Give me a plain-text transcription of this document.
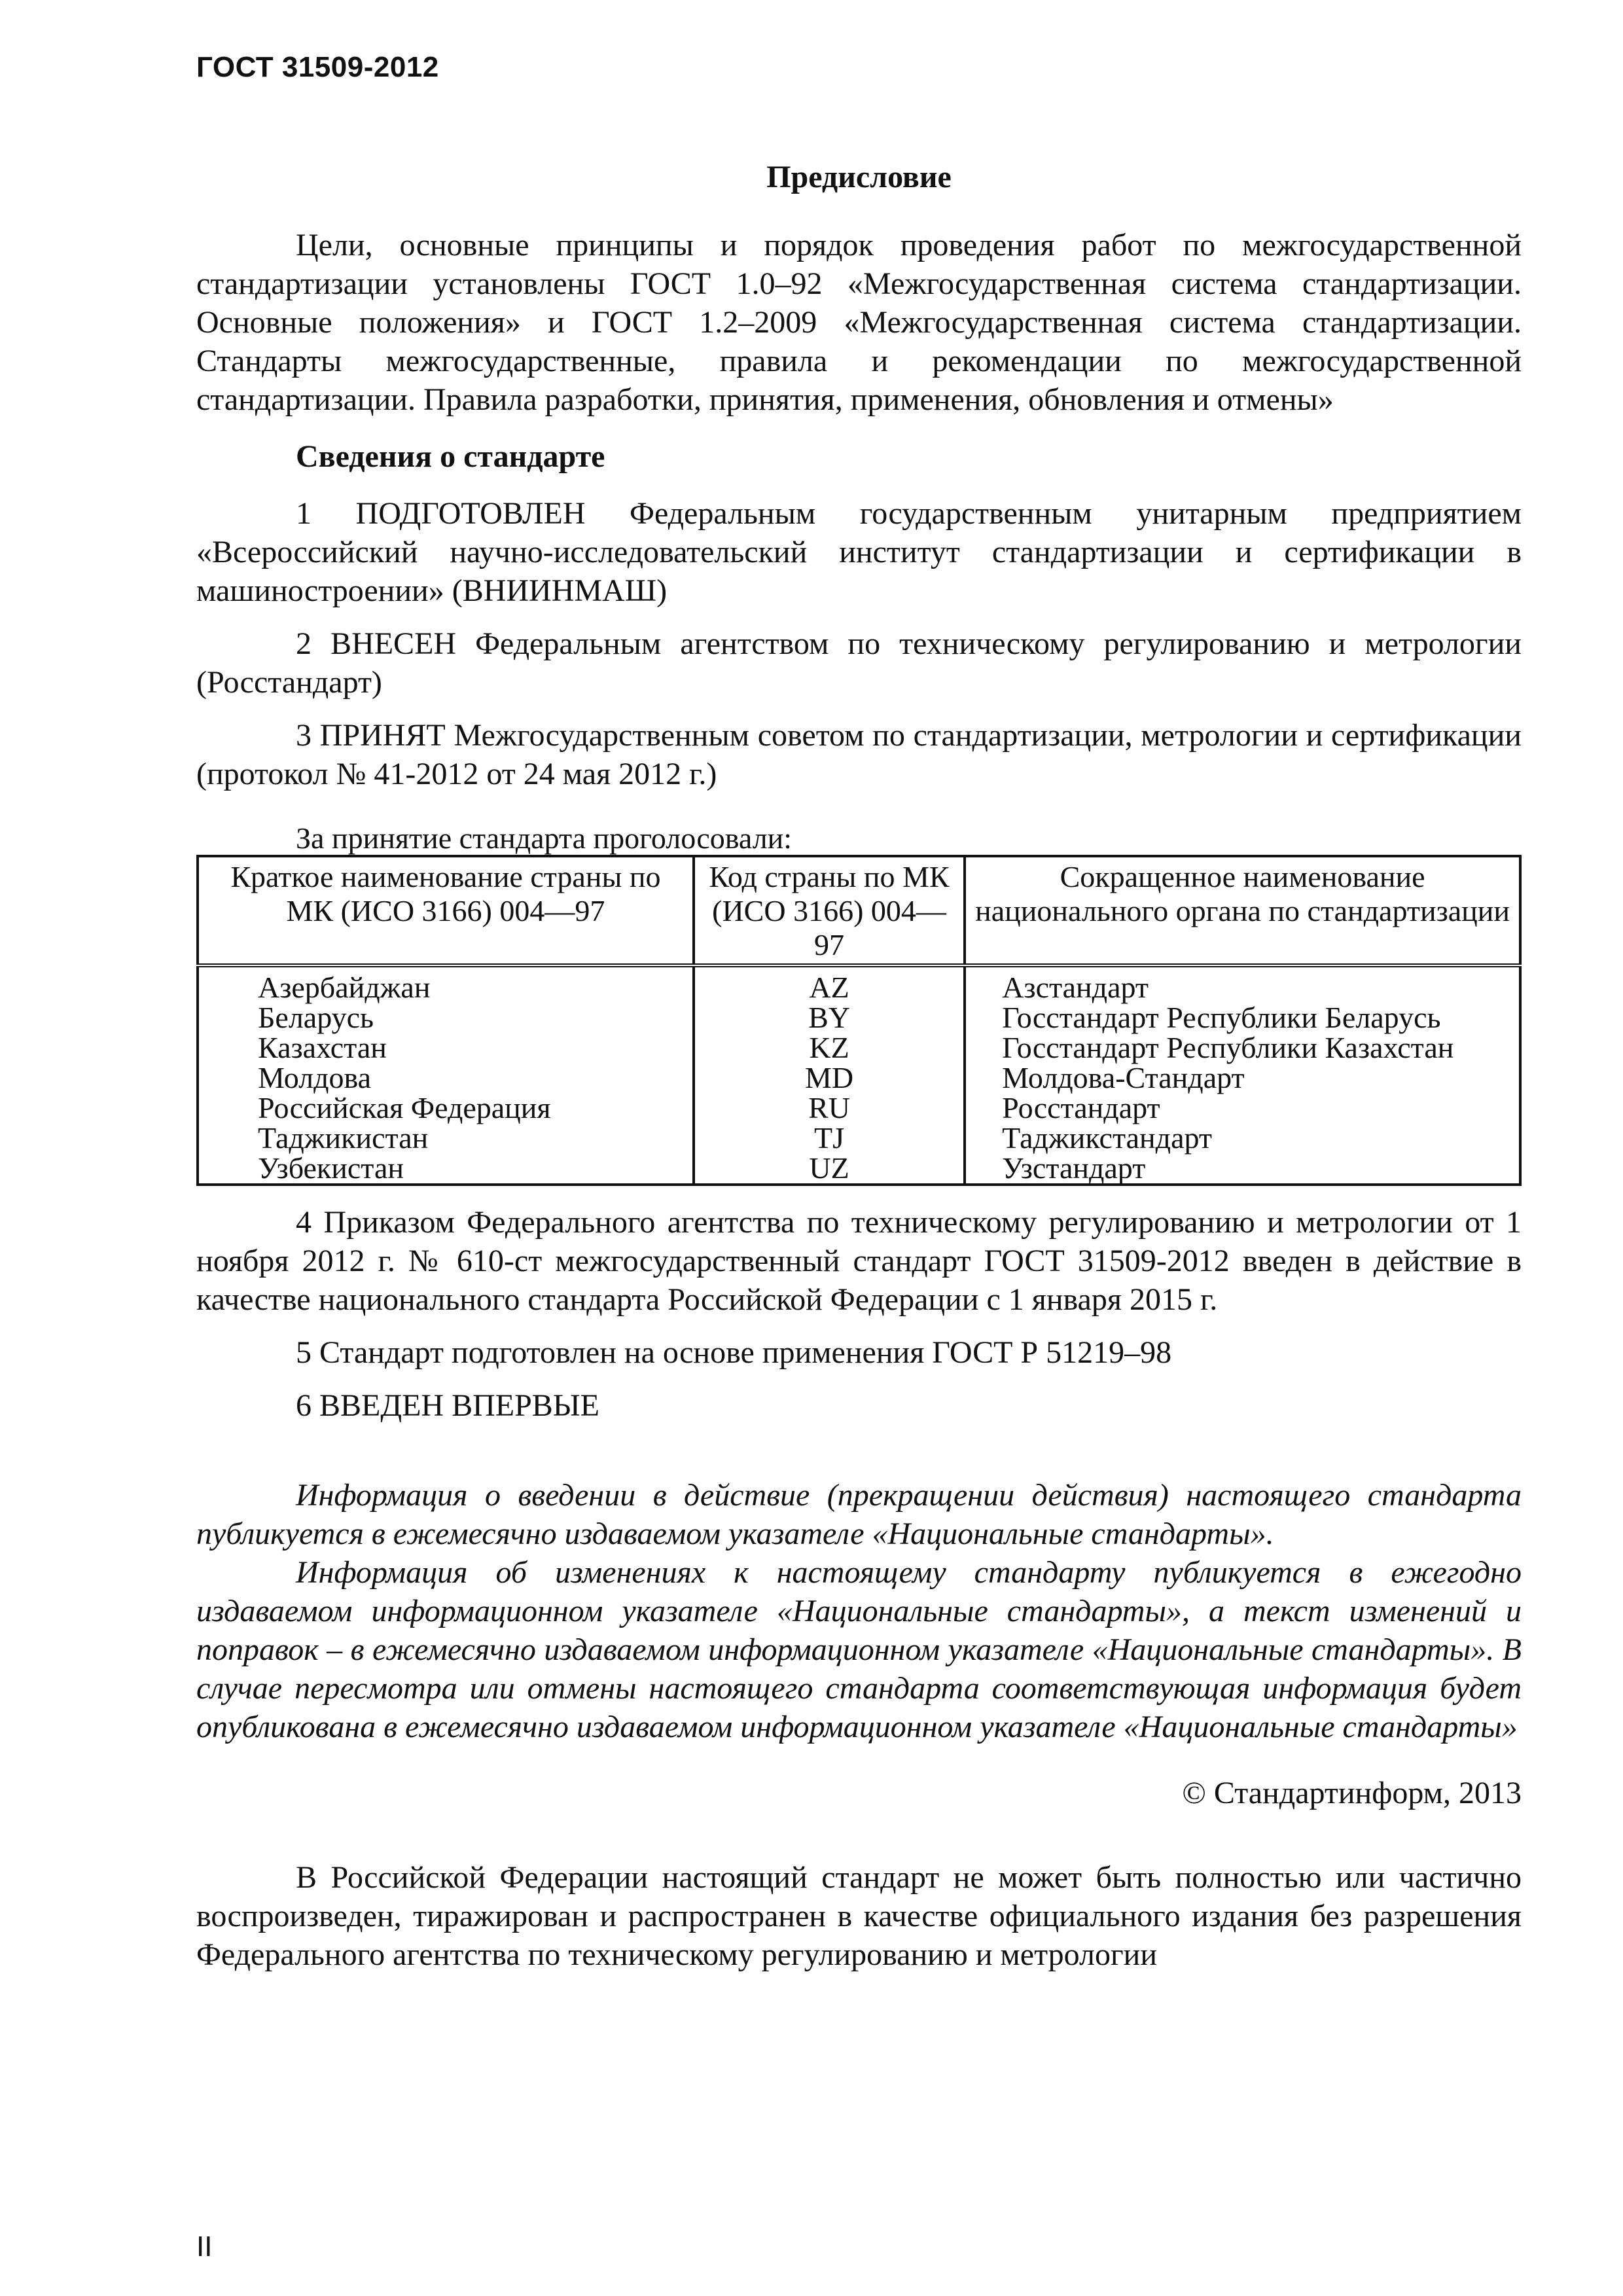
ГОСТ 31509-2012
Предисловие

Цели, основные принципы и порядок проведения работ по межгосударственной стандартизации установлены ГОСТ 1.0–92 «Межгосударственная система стандартизации. Основные положения» и ГОСТ 1.2–2009 «Межгосударственная система стандартизации. Стандарты межгосударственные, правила и рекомендации по межгосударственной стандартизации. Правила разработки, принятия, применения, обновления и отмены»

Сведения о стандарте

1 ПОДГОТОВЛЕН Федеральным государственным унитарным предприятием «Всероссийский научно-исследовательский институт стандартизации и сертификации в машиностроении» (ВНИИНМАШ)

2 ВНЕСЕН Федеральным агентством по техническому регулированию и метрологии (Росстандарт)

3 ПРИНЯТ Межгосударственным советом по стандартизации, метрологии и сертификации (протокол № 41-2012 от 24 мая 2012 г.)

За принятие стандарта проголосовали:
Краткое наименование страны по МК (ИСО 3166) 004—97	Код страны по МК (ИСО 3166) 004—97	Сокращенное наименование национального органа по стандартизации
Азербайджан	AZ	Азстандарт
Беларусь	BY	Госстандарт Республики Беларусь
Казахстан	KZ	Госстандарт Республики Казахстан
Молдова	MD	Молдова-Стандарт
Российская Федерация	RU	Росстандарт
Таджикистан	TJ	Таджикстандарт
Узбекистан	UZ	Узстандарт

4 Приказом Федерального агентства по техническому регулированию и метрологии от 1 ноября 2012 г. № 610-ст межгосударственный стандарт ГОСТ 31509-2012 введен в действие в качестве национального стандарта Российской Федерации с 1 января 2015 г.

5 Стандарт подготовлен на основе применения ГОСТ Р 51219–98

6 ВВЕДЕН ВПЕРВЫЕ

Информация о введении в действие (прекращении действия) настоящего стандарта публикуется в ежемесячно издаваемом указателе «Национальные стандарты».

Информация об изменениях к настоящему стандарту публикуется в ежегодно издаваемом информационном указателе «Национальные стандарты», а текст изменений и поправок – в ежемесячно издаваемом информационном указателе «Национальные стандарты». В случае пересмотра или отмены настоящего стандарта соответствующая информация будет опубликована в ежемесячно издаваемом информационном указателе «Национальные стандарты»

© Стандартинформ, 2013

В Российской Федерации настоящий стандарт не может быть полностью или частично воспроизведен, тиражирован и распространен в качестве официального издания без разрешения Федерального агентства по техническому регулированию и метрологии

II
